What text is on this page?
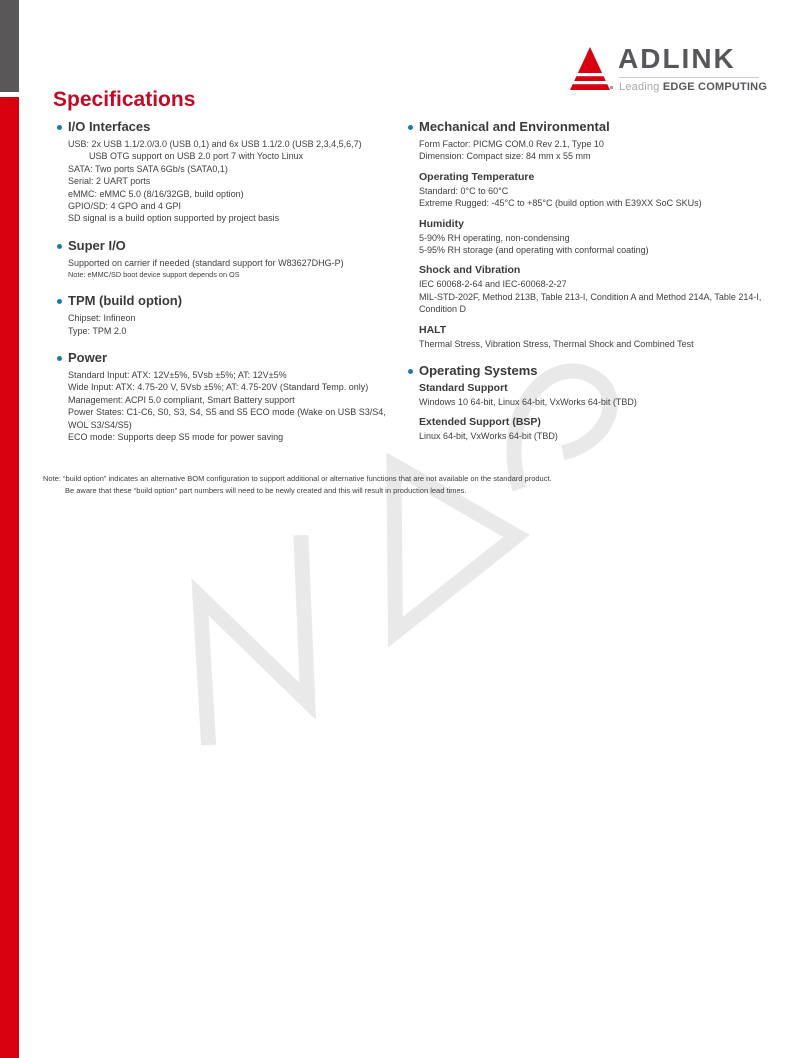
ADLINK
Leading EDGE COMPUTING
Specifications
I/O Interfaces
USB: 2x USB 1.1/2.0/3.0 (USB 0,1) and 6x USB 1.1/2.0 (USB 2,3,4,5,6,7)
USB OTG support on USB 2.0 port 7 with Yocto Linux
SATA: Two ports SATA 6Gb/s (SATA0,1)
Serial: 2 UART ports
eMMC: eMMC 5.0 (8/16/32GB, build option)
GPIO/SD: 4 GPO and 4 GPI
SD signal is a build option supported by project basis
Super I/O
Supported on carrier if needed (standard support for W83627DHG-P)
Note: eMMC/SD boot device support depends on OS
TPM (build option)
Chipset: Infineon
Type: TPM 2.0
Power
Standard Input: ATX: 12V±5%, 5Vsb ±5%; AT: 12V±5%
Wide Input: ATX: 4.75-20 V, 5Vsb ±5%; AT: 4.75-20V (Standard Temp. only)
Management: ACPI 5.0 compliant, Smart Battery support
Power States: C1-C6, S0, S3, S4, S5 and S5 ECO mode (Wake on USB S3/S4, WOL S3/S4/S5)
ECO mode: Supports deep S5 mode for power saving
Mechanical and Environmental
Form Factor: PICMG COM.0 Rev 2.1, Type 10
Dimension: Compact size: 84 mm x 55 mm
Operating Temperature
Standard: 0°C to 60°C
Extreme Rugged: -45°C to +85°C (build option with E39XX SoC SKUs)
Humidity
5-90% RH operating, non-condensing
5-95% RH storage (and operating with conformal coating)
Shock and Vibration
IEC 60068-2-64 and IEC-60068-2-27
MIL-STD-202F, Method 213B, Table 213-I, Condition A and Method 214A, Table 214-I, Condition D
HALT
Thermal Stress, Vibration Stress, Thermal Shock and Combined Test
Operating Systems
Standard Support
Windows 10 64-bit, Linux 64-bit, VxWorks 64-bit (TBD)
Extended Support (BSP)
Linux 64-bit, VxWorks 64-bit (TBD)
Note: “build option” indicates an alternative BOM configuration to support additional or alternative functions that are not available on the standard product.
Be aware that these “build option” part numbers will need to be newly created and this will result in production lead times.
